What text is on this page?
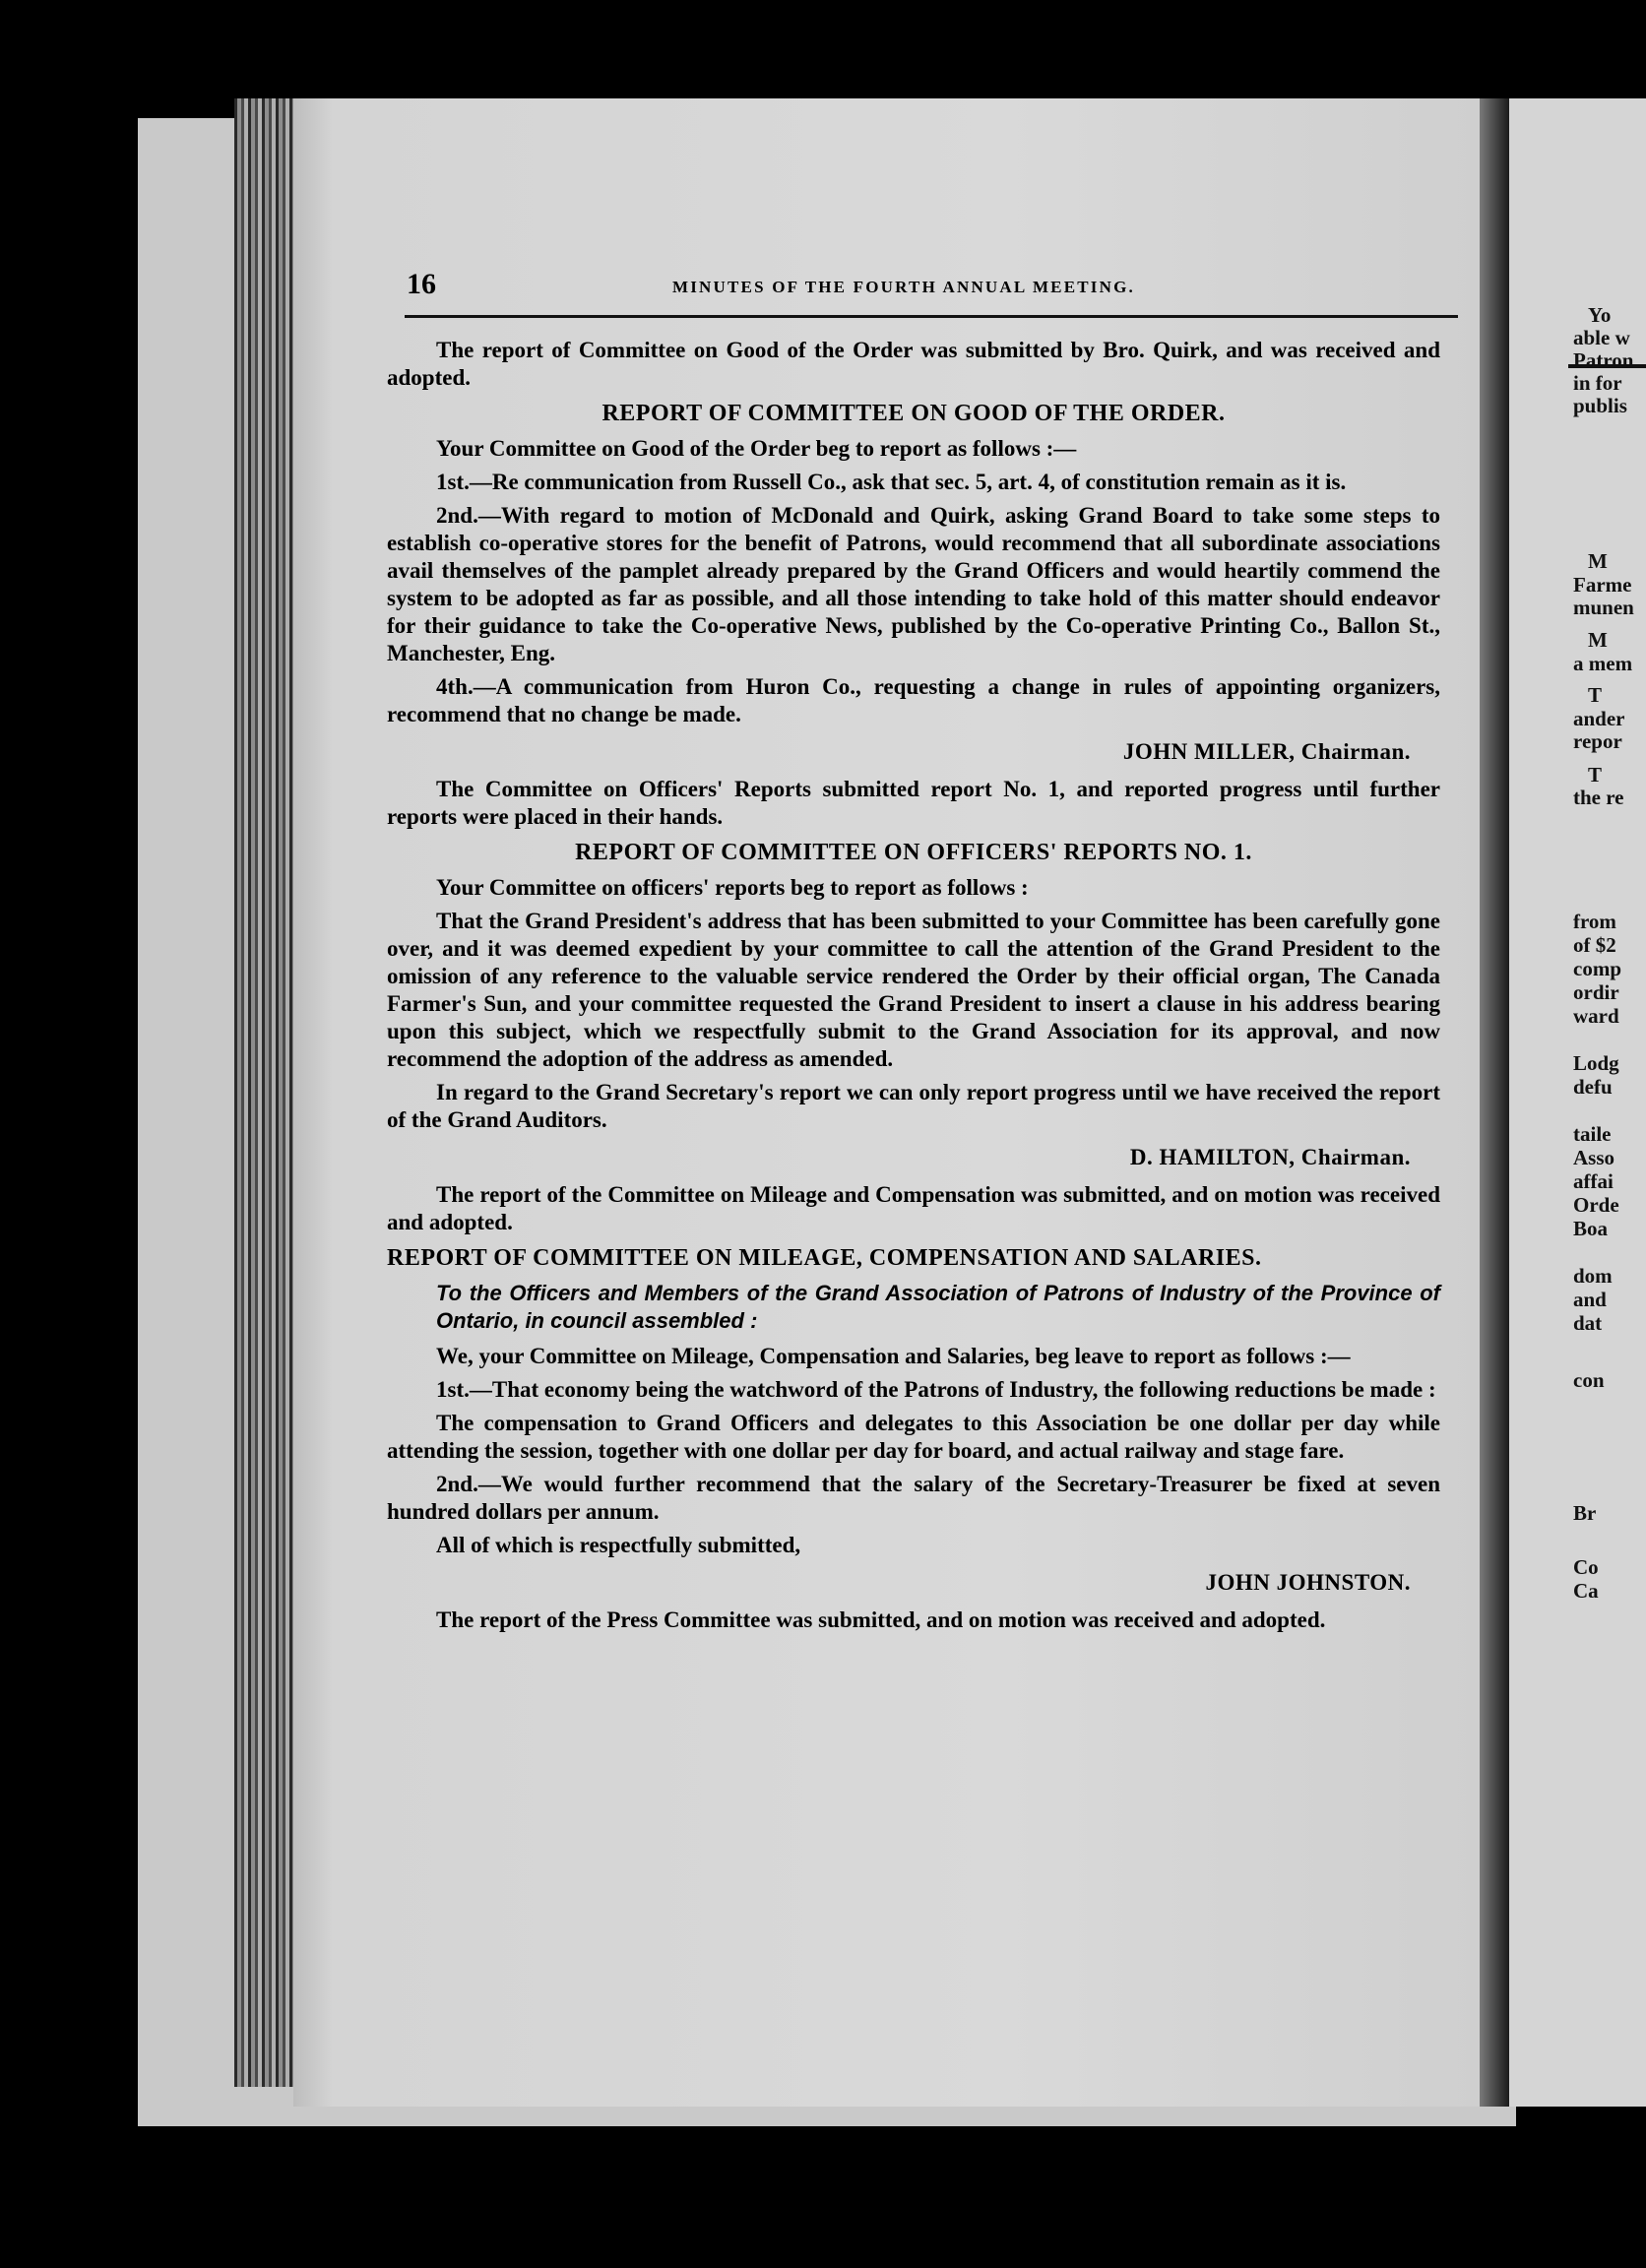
Yo
able w
Patron
in for
publis
M
Farme
munen
M
a mem
T
ander
repor
T
the re
from
of $2
comp
ordir
ward
Lodg
defu
taile
Asso
affai
Orde
Boa
dom
and
dat
con
Br
Co
Ca
16	MINUTES OF THE FOURTH ANNUAL MEETING.

The report of Committee on Good of the Order was submitted by Bro. Quirk, and was received and adopted.

REPORT OF COMMITTEE ON GOOD OF THE ORDER.

Your Committee on Good of the Order beg to report as follows :—

1st.—Re communication from Russell Co., ask that sec. 5, art. 4, of constitution remain as it is.

2nd.—With regard to motion of McDonald and Quirk, asking Grand Board to take some steps to establish co-operative stores for the benefit of Patrons, would recommend that all subordinate associations avail themselves of the pamplet already prepared by the Grand Officers and would heartily commend the system to be adopted as far as possible, and all those intending to take hold of this matter should endeavor for their guidance to take the Co-operative News, published by the Co-operative Printing Co., Ballon St., Manchester, Eng.

4th.—A communication from Huron Co., requesting a change in rules of appointing organizers, recommend that no change be made.

JOHN MILLER, Chairman.

The Committee on Officers' Reports submitted report No. 1, and reported progress until further reports were placed in their hands.

REPORT OF COMMITTEE ON OFFICERS' REPORTS NO. 1.

Your Committee on officers' reports beg to report as follows :

That the Grand President's address that has been submitted to your Committee has been carefully gone over, and it was deemed expedient by your committee to call the attention of the Grand President to the omission of any reference to the valuable service rendered the Order by their official organ, The Canada Farmer's Sun, and your committee requested the Grand President to insert a clause in his address bearing upon this subject, which we respectfully submit to the Grand Association for its approval, and now recommend the adoption of the address as amended.

In regard to the Grand Secretary's report we can only report progress until we have received the report of the Grand Auditors.

D. HAMILTON, Chairman.

The report of the Committee on Mileage and Compensation was submitted, and on motion was received and adopted.

REPORT OF COMMITTEE ON MILEAGE, COMPENSATION AND SALARIES.

To the Officers and Members of the Grand Association of Patrons of Industry of the Province of Ontario, in council assembled :

We, your Committee on Mileage, Compensation and Salaries, beg leave to report as follows :—

1st.—That economy being the watchword of the Patrons of Industry, the following reductions be made :

The compensation to Grand Officers and delegates to this Association be one dollar per day while attending the session, together with one dollar per day for board, and actual railway and stage fare.

2nd.—We would further recommend that the salary of the Secretary-Treasurer be fixed at seven hundred dollars per annum.

All of which is respectfully submitted,

JOHN JOHNSTON.

The report of the Press Committee was submitted, and on motion was received and adopted.
